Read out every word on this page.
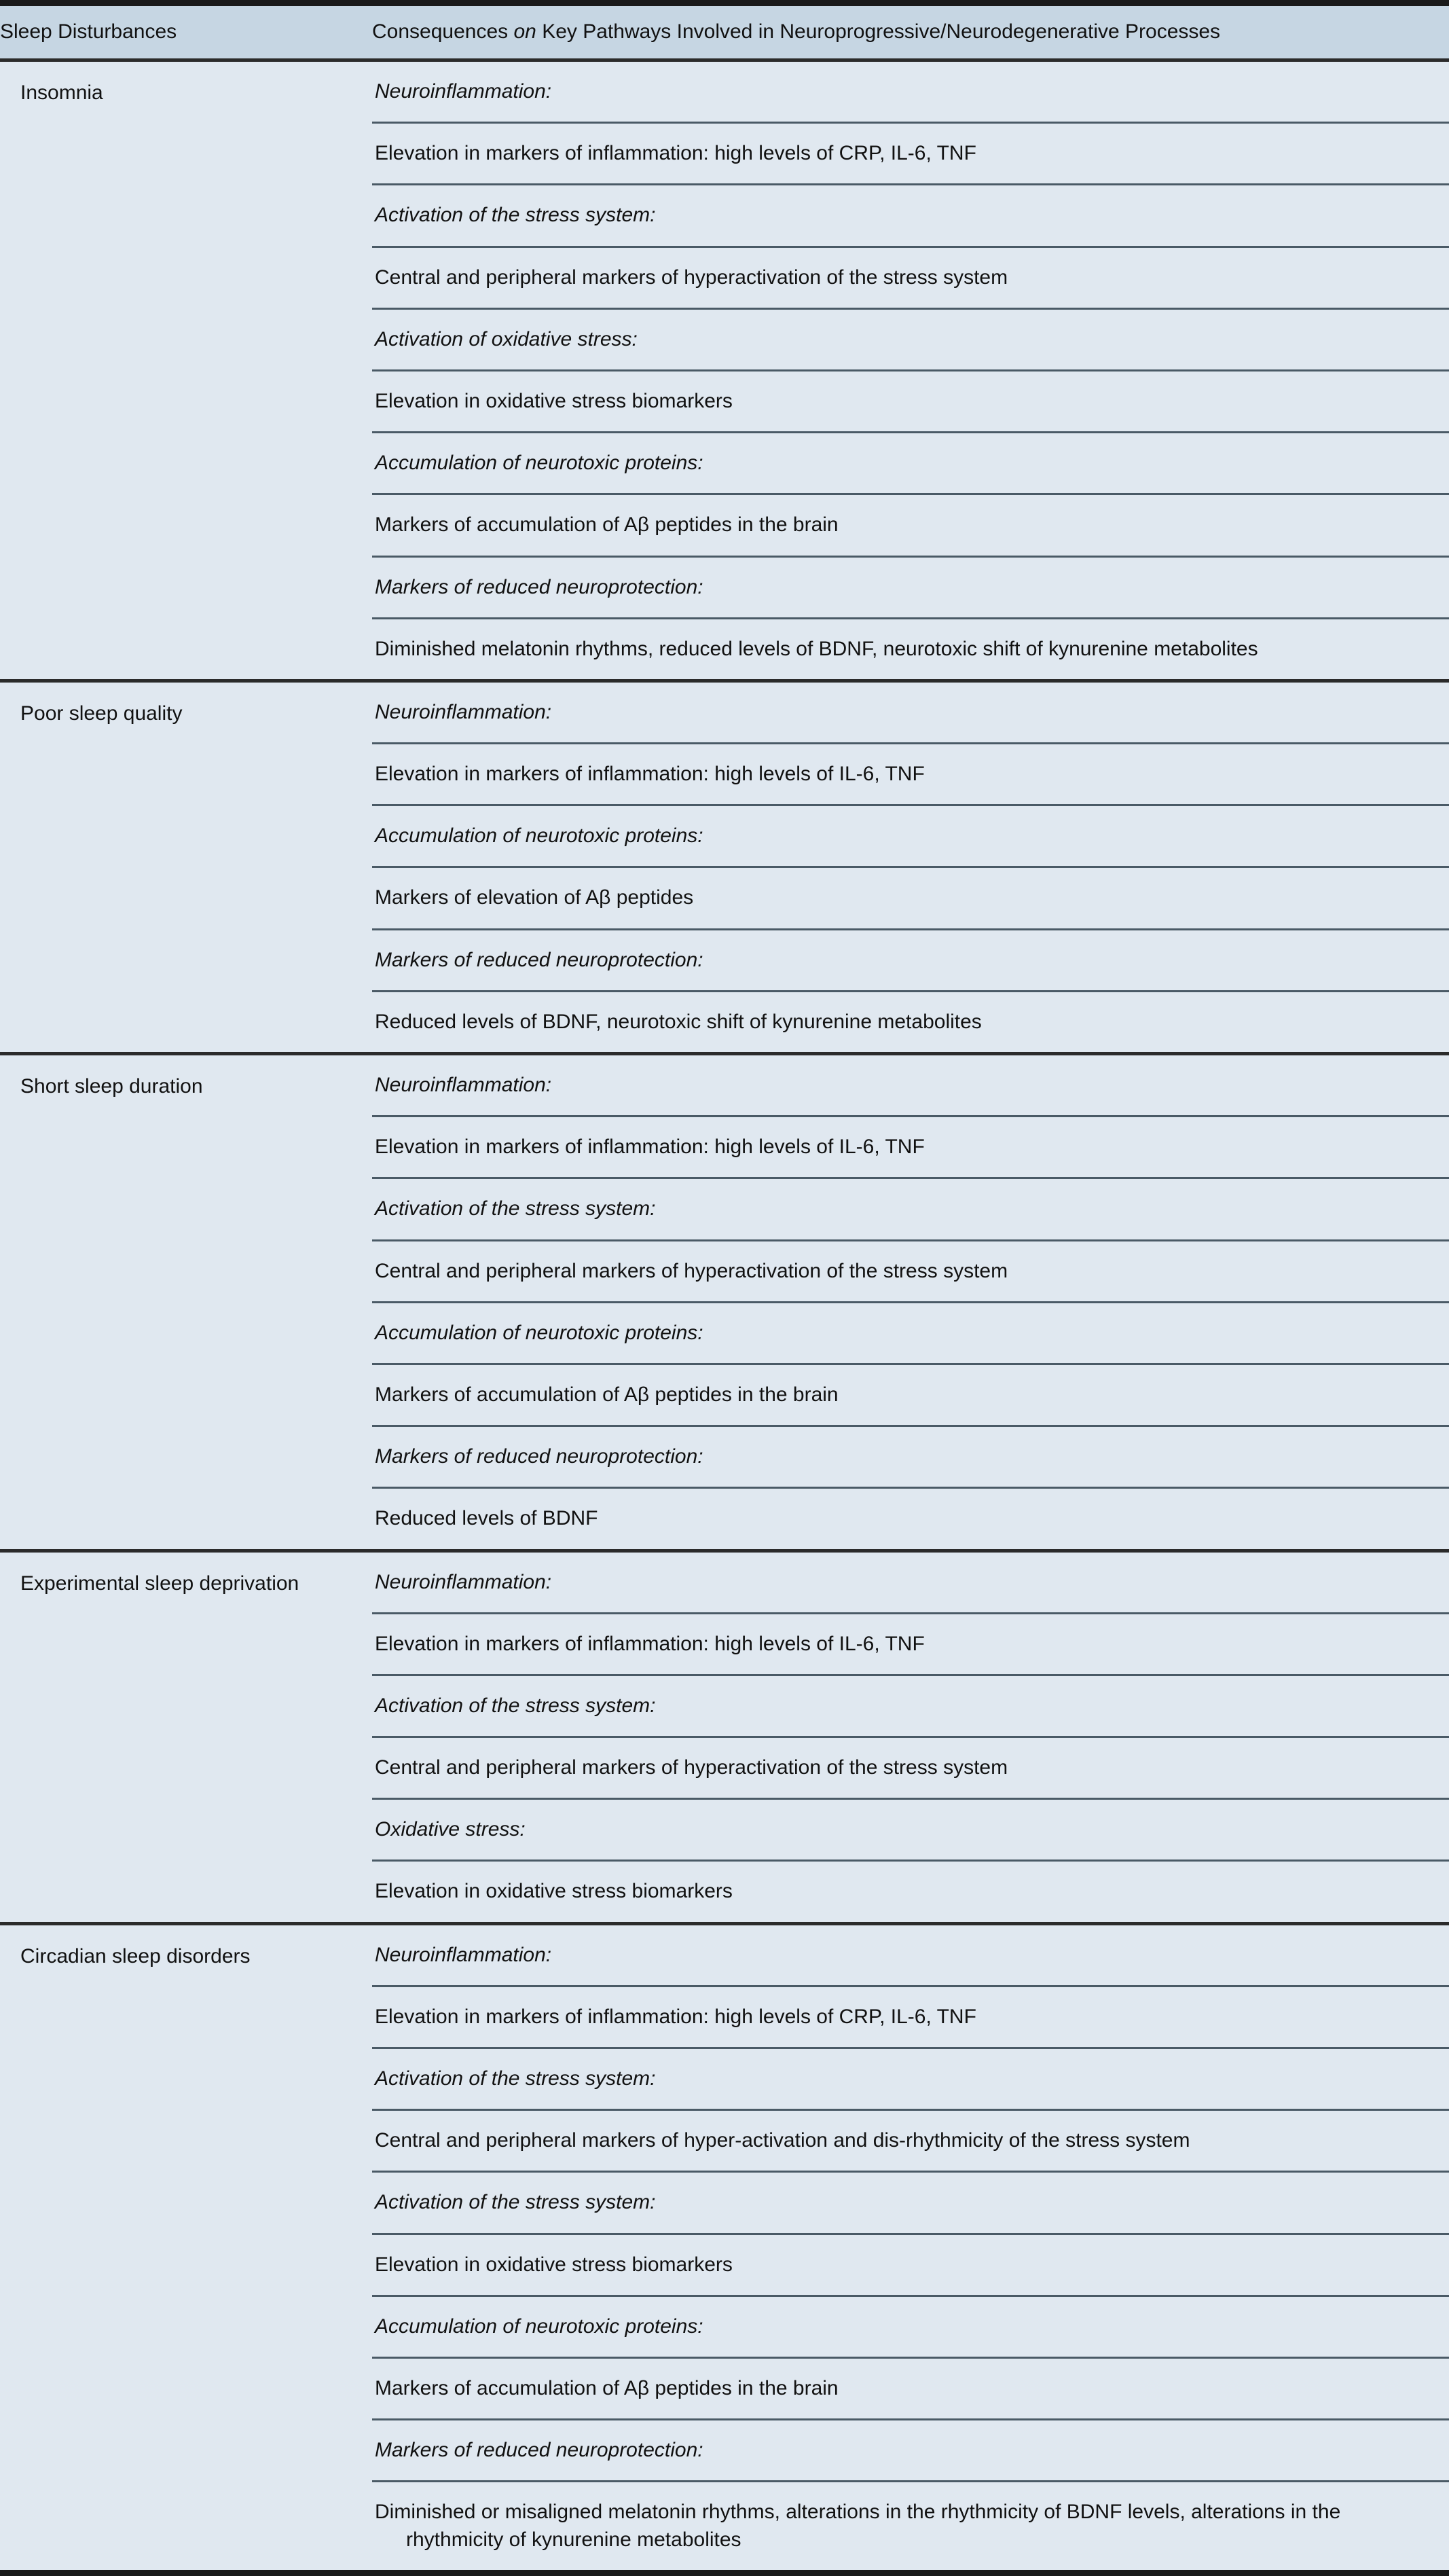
Sleep Disturbances	Consequences on Key Pathways Involved in Neuroprogressive/Neurodegenerative Processes
Insomnia	Neuroinflammation:
Elevation in markers of inflammation: high levels of CRP, IL-6, TNF
Activation of the stress system:
Central and peripheral markers of hyperactivation of the stress system
Activation of oxidative stress:
Elevation in oxidative stress biomarkers
Accumulation of neurotoxic proteins:
Markers of accumulation of Aβ peptides in the brain
Markers of reduced neuroprotection:
Diminished melatonin rhythms, reduced levels of BDNF, neurotoxic shift of kynurenine metabolites
Poor sleep quality	Neuroinflammation:
Elevation in markers of inflammation: high levels of IL-6, TNF
Accumulation of neurotoxic proteins:
Markers of elevation of Aβ peptides
Markers of reduced neuroprotection:
Reduced levels of BDNF, neurotoxic shift of kynurenine metabolites
Short sleep duration	Neuroinflammation:
Elevation in markers of inflammation: high levels of IL-6, TNF
Activation of the stress system:
Central and peripheral markers of hyperactivation of the stress system
Accumulation of neurotoxic proteins:
Markers of accumulation of Aβ peptides in the brain
Markers of reduced neuroprotection:
Reduced levels of BDNF
Experimental sleep deprivation	Neuroinflammation:
Elevation in markers of inflammation: high levels of IL-6, TNF
Activation of the stress system:
Central and peripheral markers of hyperactivation of the stress system
Oxidative stress:
Elevation in oxidative stress biomarkers
Circadian sleep disorders	Neuroinflammation:
Elevation in markers of inflammation: high levels of CRP, IL-6, TNF
Activation of the stress system:
Central and peripheral markers of hyper-activation and dis-rhythmicity of the stress system
Activation of the stress system:
Elevation in oxidative stress biomarkers
Accumulation of neurotoxic proteins:
Markers of accumulation of Aβ peptides in the brain
Markers of reduced neuroprotection:
Diminished or misaligned melatonin rhythms, alterations in the rhythmicity of BDNF levels, alterations in the rhythmicity of kynurenine metabolites
